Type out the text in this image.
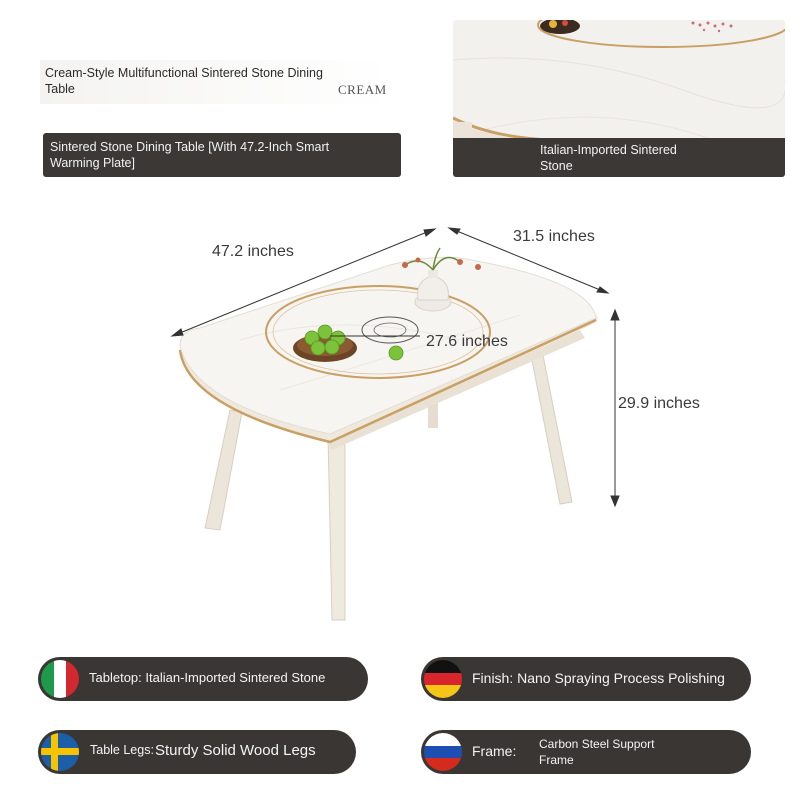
Cream-Style Multifunctional Sintered Stone Dining Table	CREAM
Sintered Stone Dining Table [With 47.2-Inch Smart Warming Plate]
Italian-Imported Sintered Stone
47.2 inches
31.5 inches
27.6 inches
29.9 inches
Tabletop: Italian-Imported Sintered Stone	Finish: Nano Spraying Process Polishing
Table Legs: Sturdy Solid Wood Legs	Frame: Carbon Steel Support Frame
